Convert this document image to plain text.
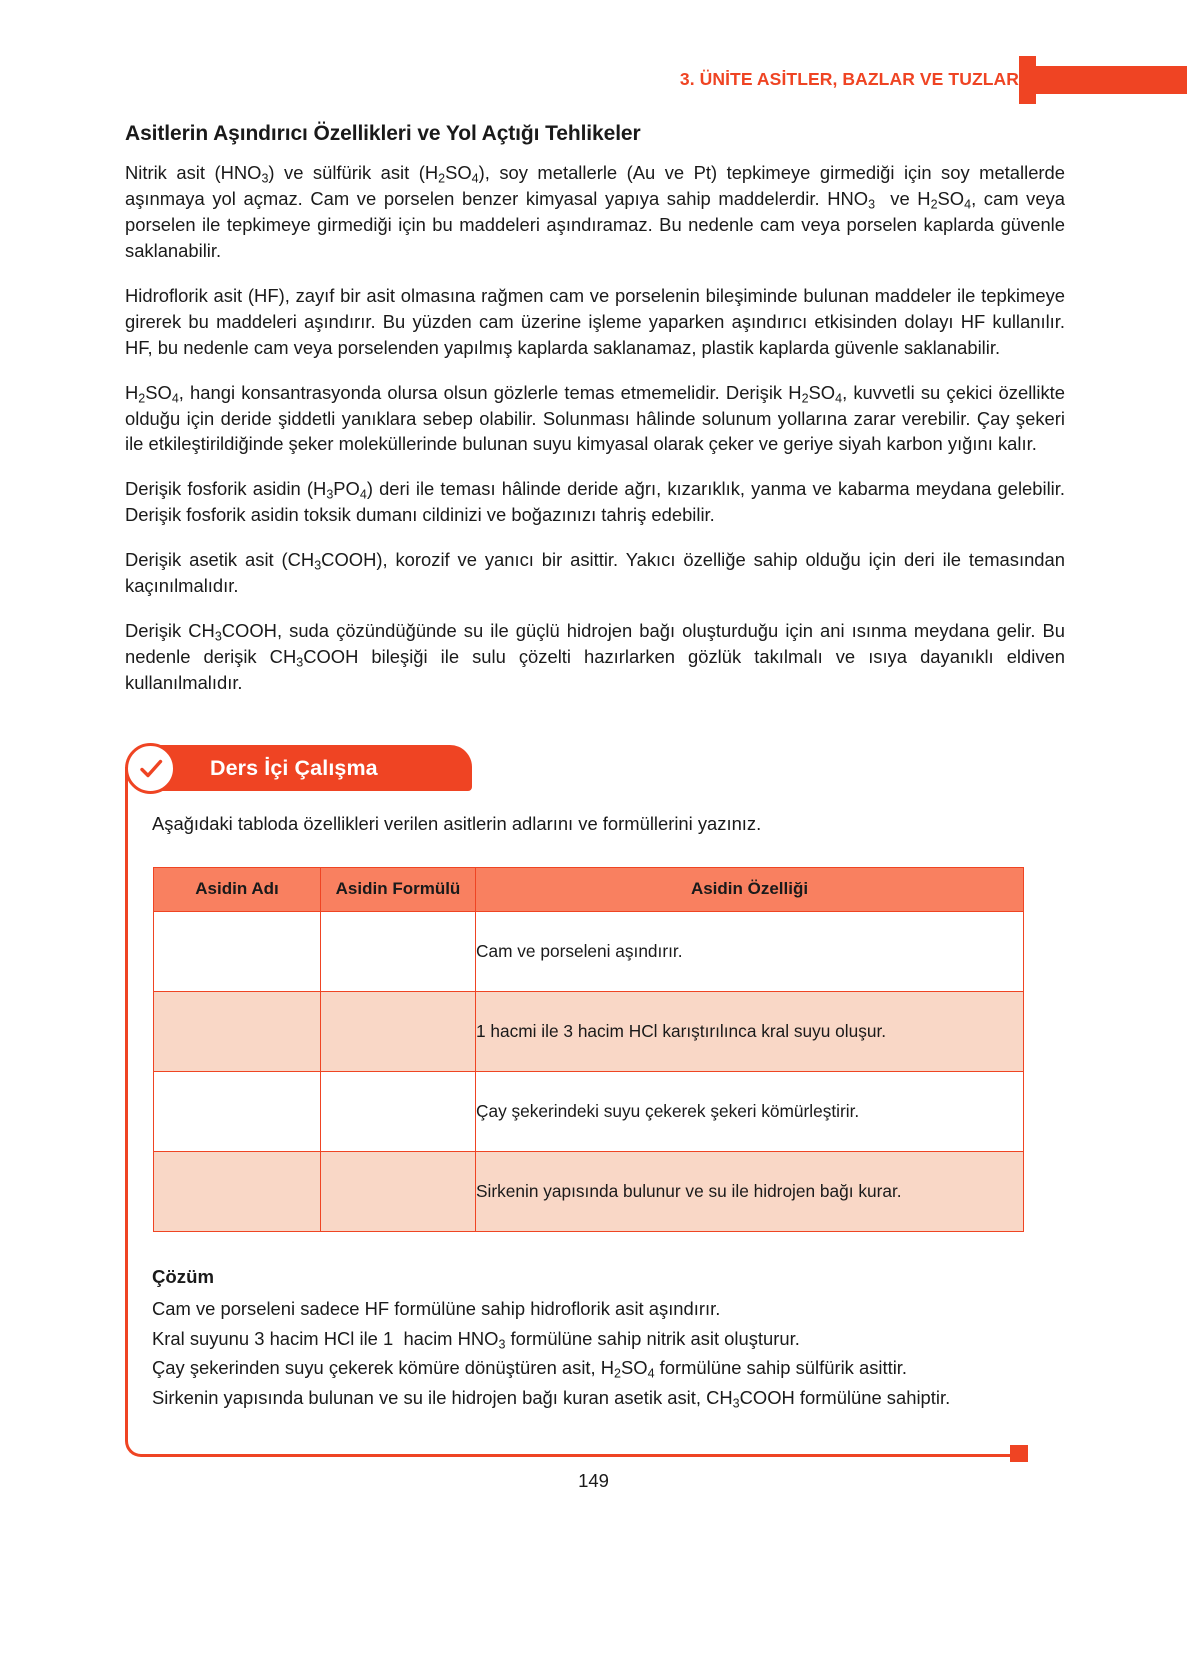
3. ÜNİTE ASİTLER, BAZLAR VE TUZLAR
Asitlerin Aşındırıcı Özellikleri ve Yol Açtığı Tehlikeler

Nitrik asit $(HNO_3)$ ve sülfürik asit $(H_2SO_4)$, soy metallerle (Au ve Pt) tepkimeye girmediği için soy metallerde aşınmaya yol açmaz. Cam ve porselen benzer kimyasal yapıya sahip maddelerdir. $HNO_3$  ve $H_2SO_4$, cam veya porselen ile tepkimeye girmediği için bu maddeleri aşındıramaz. Bu nedenle cam veya porselen kaplarda güvenle saklanabilir.

Hidroflorik asit (HF), zayıf bir asit olmasına rağmen cam ve porselenin bileşiminde bulunan maddeler ile tepkimeye girerek bu maddeleri aşındırır. Bu yüzden cam üzerine işleme yaparken aşındırıcı etkisinden dolayı HF kullanılır. HF, bu nedenle cam veya porselenden yapılmış kaplarda saklanamaz, plastik kaplarda güvenle saklanabilir.

$H_2SO_4$, hangi konsantrasyonda olursa olsun gözlerle temas etmemelidir. Derişik $H_2SO_4$, kuvvetli su çekici özellikte olduğu için deride şiddetli yanıklara sebep olabilir. Solunması hâlinde solunum yollarına zarar verebilir. Çay şekeri ile etkileştirildiğinde şeker moleküllerinde bulunan suyu kimyasal olarak çeker ve geriye siyah karbon yığını kalır.

Derişik fosforik asidin $(H_3PO_4)$ deri ile teması hâlinde deride ağrı, kızarıklık, yanma ve kabarma meydana gelebilir. Derişik fosforik asidin toksik dumanı cildinizi ve boğazınızı tahriş edebilir.

Derişik asetik asit $(CH_3COOH)$, korozif ve yanıcı bir asittir. Yakıcı özelliğe sahip olduğu için deri ile temasından kaçınılmalıdır.

Derişik $CH_3COOH$, suda çözündüğünde su ile güçlü hidrojen bağı oluşturduğu için ani ısınma meydana gelir. Bu nedenle derişik $CH_3COOH$ bileşiği ile sulu çözelti hazırlarken gözlük takılmalı ve ısıya dayanıklı eldiven kullanılmalıdır.

Ders İçi Çalışma

Aşağıdaki tabloda özellikleri verilen asitlerin adlarını ve formüllerini yazınız.

Asidin Adı	Asidin Formülü	Asidin Özelliği
		Cam ve porseleni aşındırır.
		1 hacmi ile 3 hacim HCl karıştırılınca kral suyu oluşur.
		Çay şekerindeki suyu çekerek şekeri kömürleştirir.
		Sirkenin yapısında bulunur ve su ile hidrojen bağı kurar.

Çözüm

Cam ve porseleni sadece HF formülüne sahip hidroflorik asit aşındırır.

Kral suyunu 3 hacim HCl ile 1  hacim $HNO_3$ formülüne sahip nitrik asit oluşturur.

Çay şekerinden suyu çekerek kömüre dönüştüren asit, $H_2SO_4$ formülüne sahip sülfürik asittir.

Sirkenin yapısında bulunan ve su ile hidrojen bağı kuran asetik asit, $CH_3COOH$ formülüne sahiptir.

149
